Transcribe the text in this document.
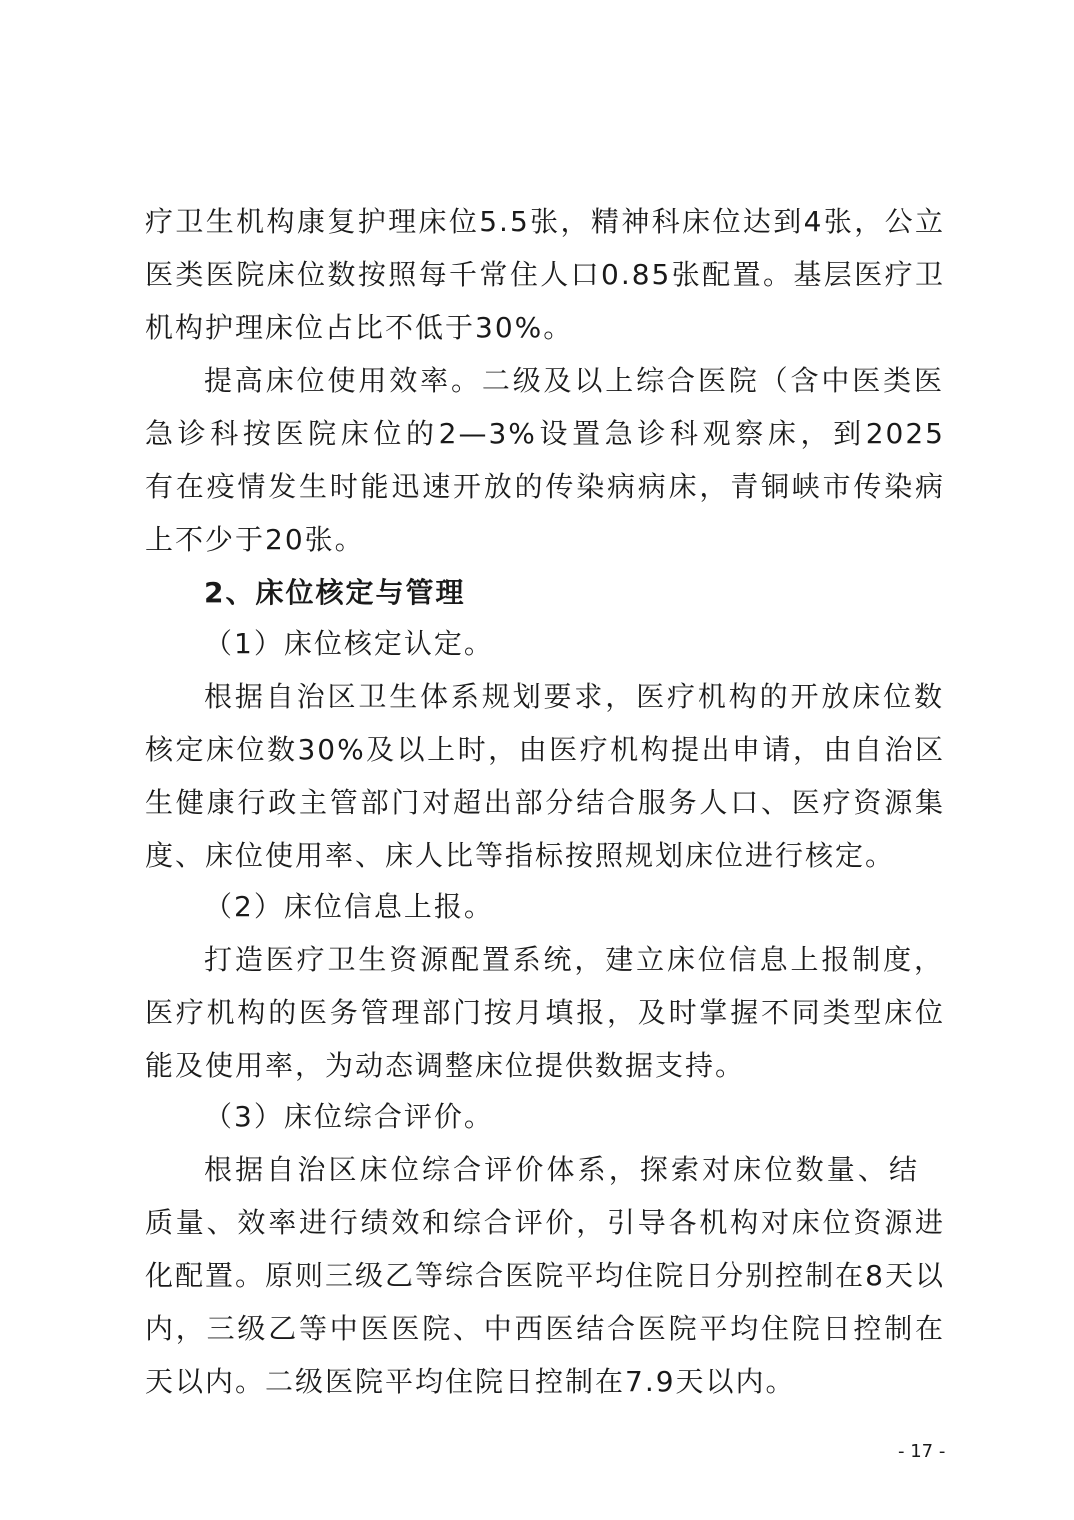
疗卫生机构康复护理床位5.5张，精神科床位达到4张，公立
医类医院床位数按照每千常住人口0.85张配置。基层医疗卫
机构护理床位占比不低于30%。
提高床位使用效率。二级及以上综合医院（含中医类医
急诊科按医院床位的2—3%设置急诊科观察床，到2025
有在疫情发生时能迅速开放的传染病病床，青铜峡市传染病
上不少于20张。
2、床位核定与管理
（1）床位核定认定。
根据自治区卫生体系规划要求，医疗机构的开放床位数
核定床位数30%及以上时，由医疗机构提出申请，由自治区
生健康行政主管部门对超出部分结合服务人口、医疗资源集
度、床位使用率、床人比等指标按照规划床位进行核定。
（2）床位信息上报。
打造医疗卫生资源配置系统，建立床位信息上报制度，
医疗机构的医务管理部门按月填报，及时掌握不同类型床位
能及使用率，为动态调整床位提供数据支持。
（3）床位综合评价。
根据自治区床位综合评价体系，探索对床位数量、结
质量、效率进行绩效和综合评价，引导各机构对床位资源进
化配置。原则三级乙等综合医院平均住院日分别控制在8天以
内，三级乙等中医医院、中西医结合医院平均住院日控制在
天以内。二级医院平均住院日控制在7.9天以内。
- 17 -
